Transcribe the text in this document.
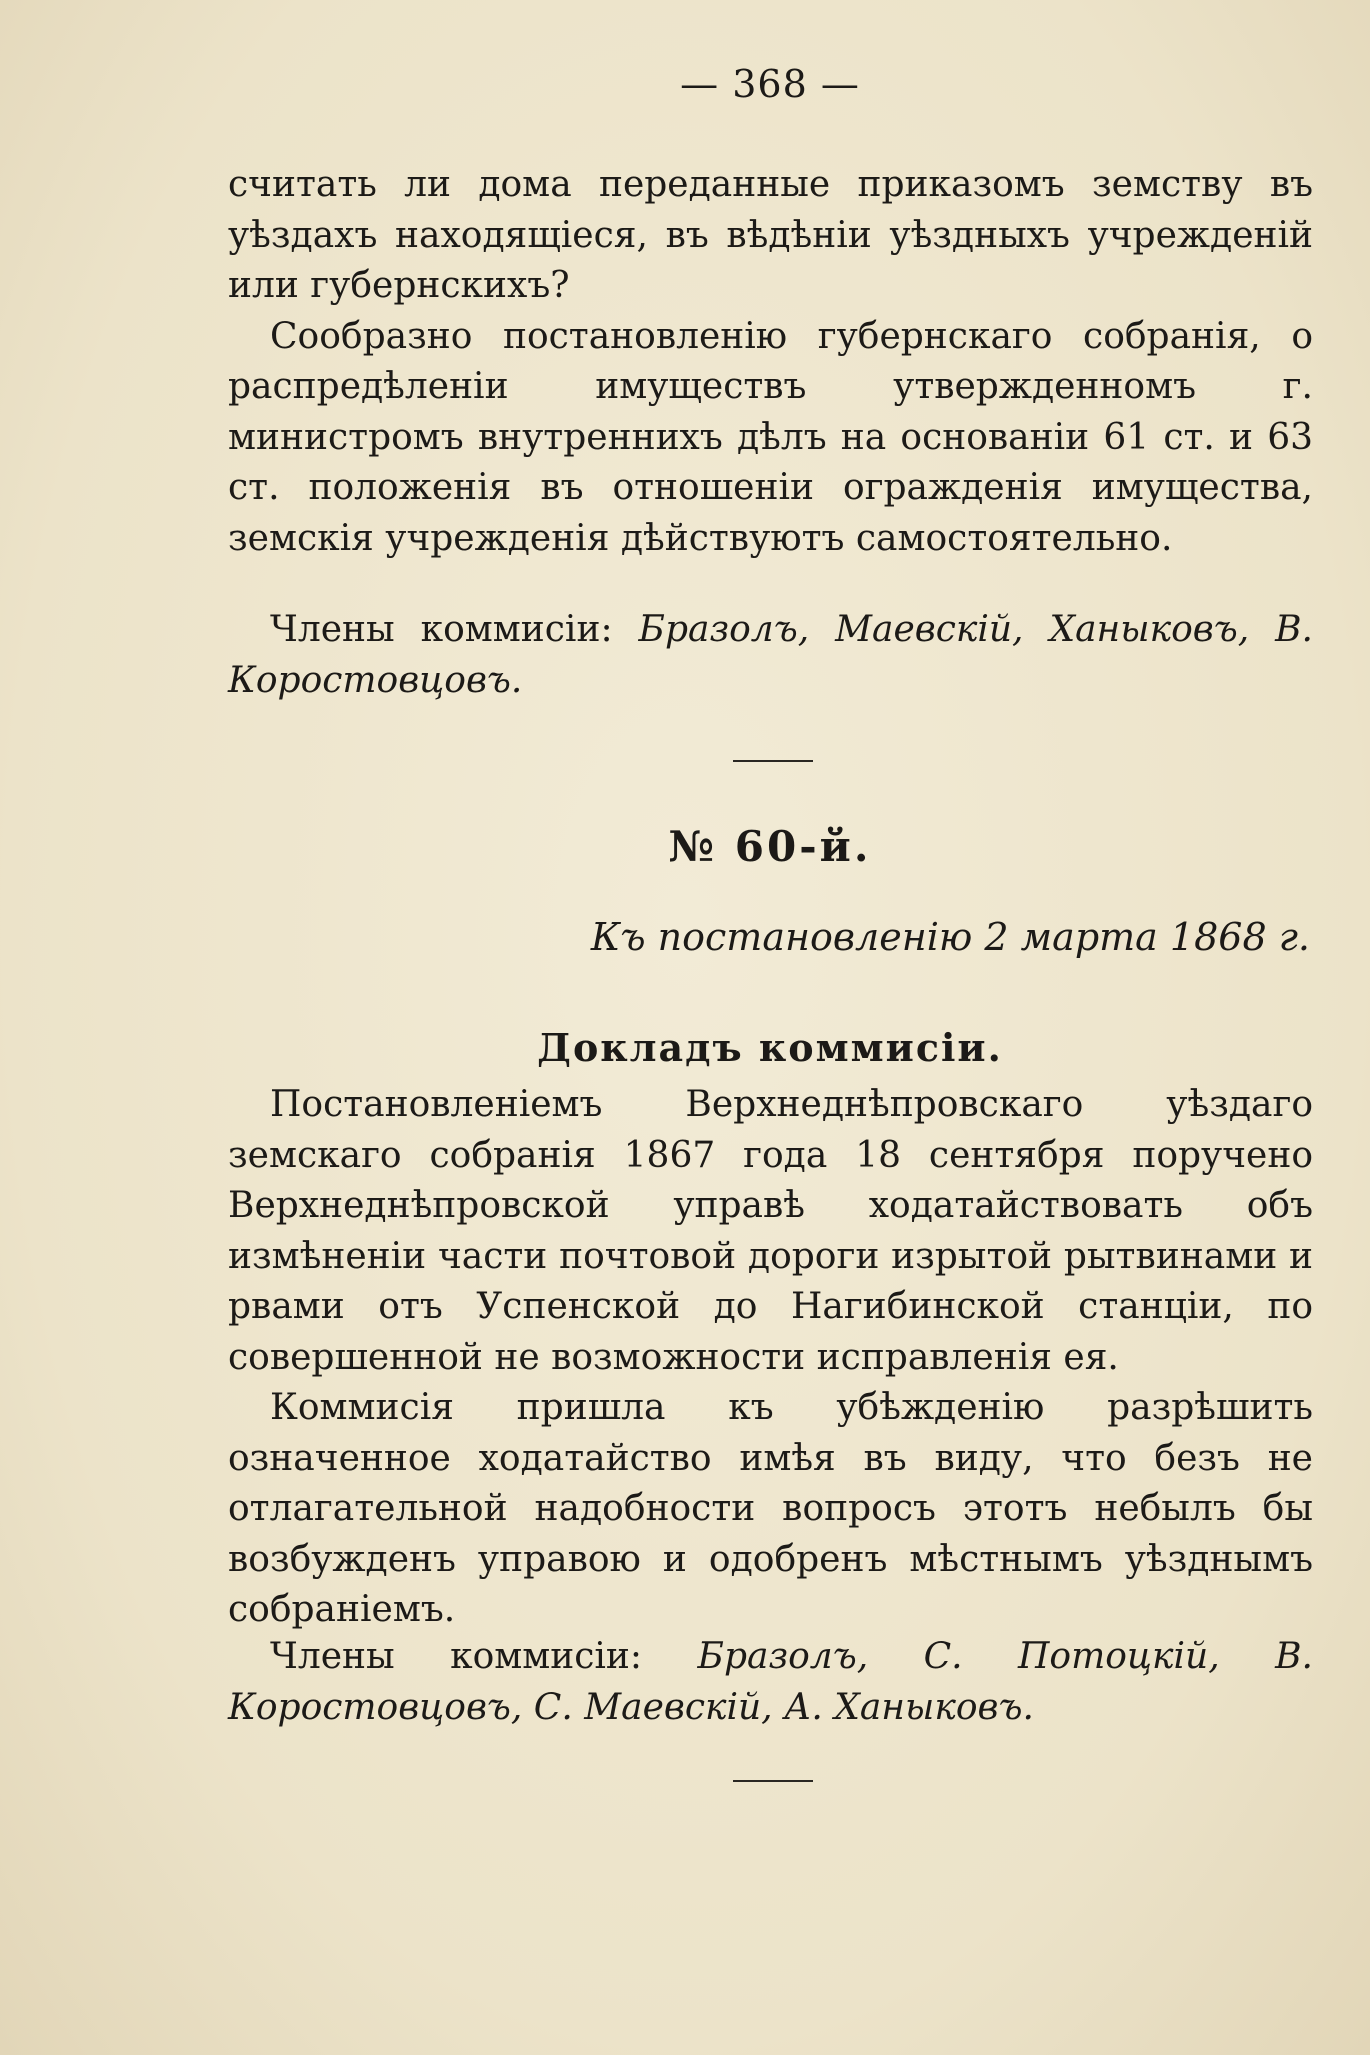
— 368 —

считать ли дома переданные приказомъ земству въ уѣздахъ находящіеся, въ вѣдѣніи уѣздныхъ учрежденій или губернскихъ?

Сообразно постановленію губернскаго собранія, о распредѣленіи имуществъ утвержденномъ г. министромъ внутреннихъ дѣлъ на основаніи 61 ст. и 63 ст. положенія въ отношеніи огражденія имущества, земскія учрежденія дѣйствуютъ самостоятельно.

Члены коммисіи: Бразолъ, Маевскій, Ханыковъ, В. Коростовцовъ.

№ 60-й.
Къ постановленію 2 марта 1868 г.
Докладъ коммисіи.

Постановленіемъ Верхнеднѣпровскаго уѣздаго земскаго собранія 1867 года 18 сентября поручено Верхнеднѣпровской управѣ ходатайствовать объ измѣненіи части почтовой дороги изрытой рытвинами и рвами отъ Успенской до Нагибинской станціи, по совершенной не возможности исправленія ея.

Коммисія пришла къ убѣжденію разрѣшить означенное ходатайство имѣя въ виду, что безъ не отлагательной надобности вопросъ этотъ небылъ бы возбужденъ управою и одобренъ мѣстнымъ уѣзднымъ собраніемъ.

Члены коммисіи: Бразолъ, С. Потоцкій, В. Коростовцовъ, С. Маевскій, А. Ханыковъ.
